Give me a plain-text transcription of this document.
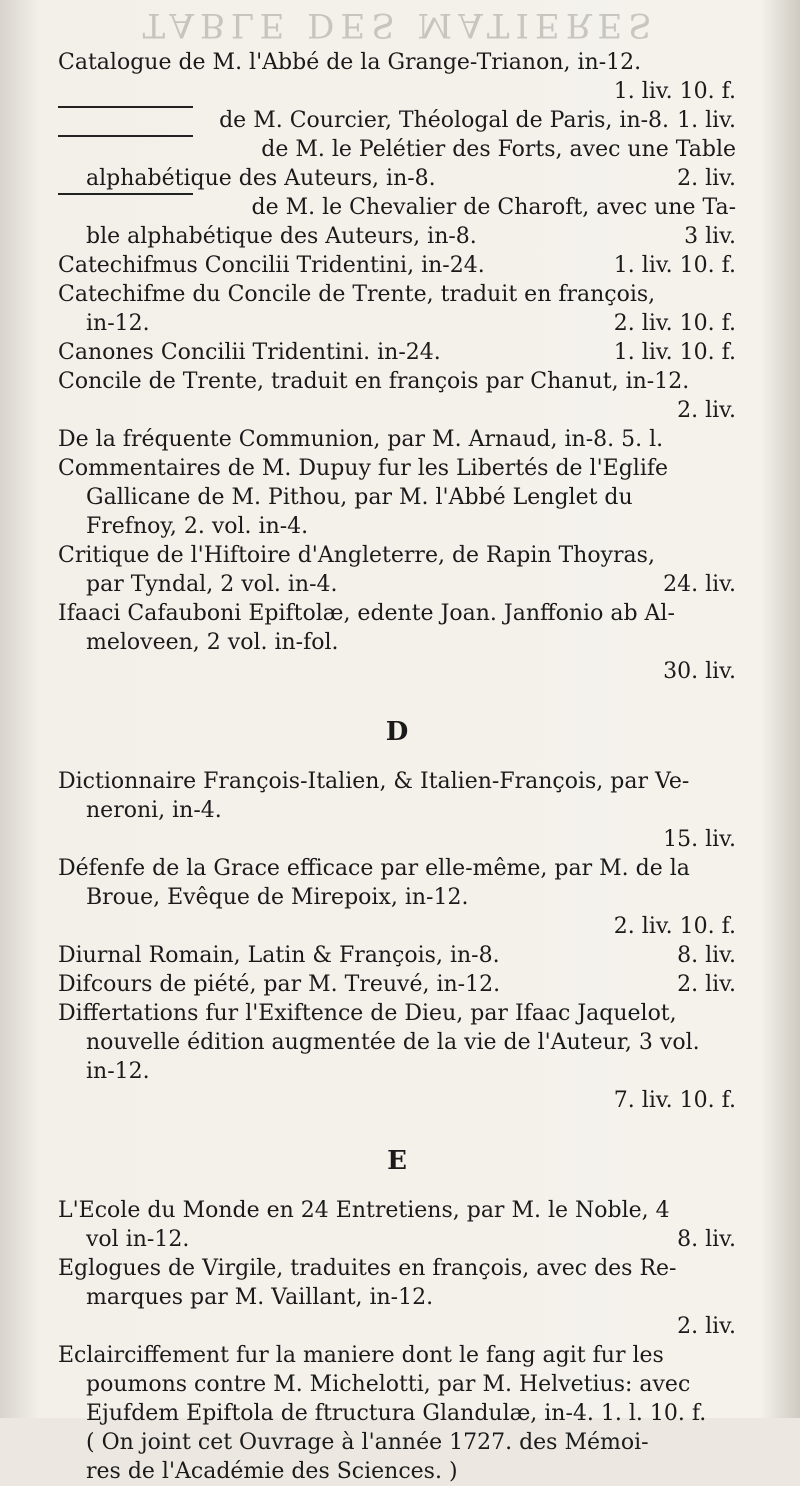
TABLE DES MATIERES
Catalogue de M. l'Abbé de la Grange-Trianon, in-12.
1. liv. 10. f.
de M. Courcier, Théologal de Paris, in-8. 1. liv.
de M. le Pelétier des Forts, avec une Table
alphabétique des Auteurs, in-8.	2. liv.
de M. le Chevalier de Charoft, avec une Ta-
ble alphabétique des Auteurs, in-8.	3 liv.
Catechifmus Concilii Tridentini, in-24.	1. liv. 10. f.
Catechifme du Concile de Trente, traduit en françois,
in-12.	2. liv. 10. f.
Canones Concilii Tridentini. in-24.	1. liv. 10. f.
Concile de Trente, traduit en françois par Chanut, in-12.
2. liv.
De la fréquente Communion, par M. Arnaud, in-8. 5. l.
Commentaires de M. Dupuy fur les Libertés de l'Eglife
Gallicane de M. Pithou, par M. l'Abbé Lenglet du
Frefnoy, 2. vol. in-4.
Critique de l'Hiftoire d'Angleterre, de Rapin Thoyras,
par Tyndal, 2 vol. in-4.	24. liv.
Ifaaci Cafauboni Epiftolæ, edente Joan. Janffonio ab Al-
meloveen, 2 vol. in-fol.
30. liv.
D
Dictionnaire François-Italien, & Italien-François, par Ve-
neroni, in-4.
15. liv.
Défenfe de la Grace efficace par elle-même, par M. de la
Broue, Evêque de Mirepoix, in-12.
2. liv. 10. f.
Diurnal Romain, Latin & François, in-8.	8. liv.
Difcours de piété, par M. Treuvé, in-12.	2. liv.
Differtations fur l'Exiftence de Dieu, par Ifaac Jaquelot,
nouvelle édition augmentée de la vie de l'Auteur, 3 vol.
in-12.
7. liv. 10. f.
E
L'Ecole du Monde en 24 Entretiens, par M. le Noble, 4
vol in-12.	8. liv.
Eglogues de Virgile, traduites en françois, avec des Re-
marques par M. Vaillant, in-12.
2. liv.
Eclairciffement fur la maniere dont le fang agit fur les
poumons contre M. Michelotti, par M. Helvetius: avec
Ejufdem Epiftola de ftructura Glandulæ, in-4. 1. l. 10. f.
( On joint cet Ouvrage à l'année 1727. des Mémoi-
res de l'Académie des Sciences. )
